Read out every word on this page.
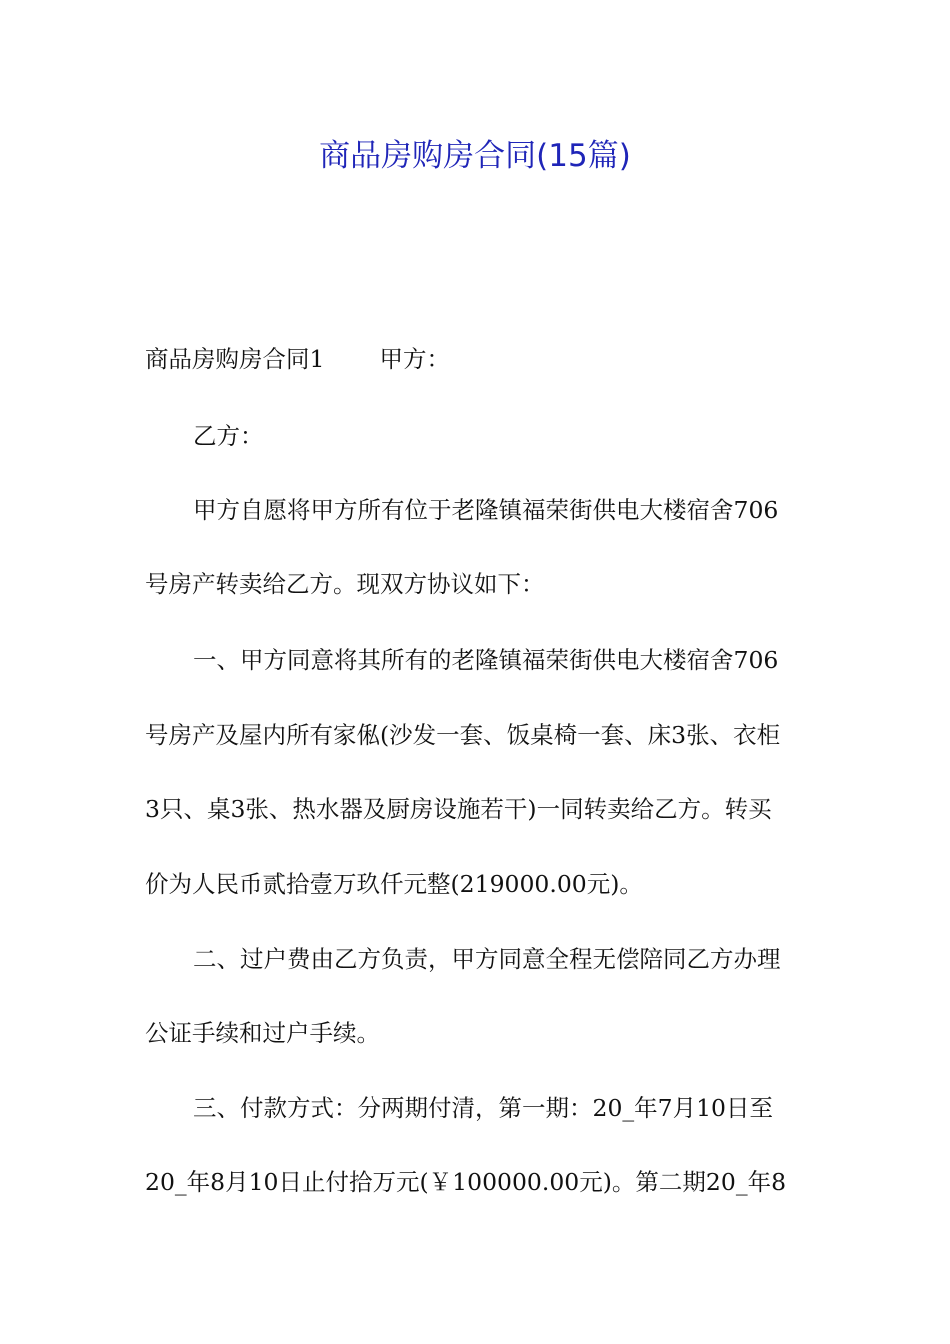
商品房购房合同(15篇)
商品房购房合同1 甲方：
乙方：
甲方自愿将甲方所有位于老隆镇福荣街供电大楼宿舍706
号房产转卖给乙方。现双方协议如下：
一、甲方同意将其所有的老隆镇福荣街供电大楼宿舍706
号房产及屋内所有家俬(沙发一套、饭桌椅一套、床3张、衣柜
3只、桌3张、热水器及厨房设施若干)一同转卖给乙方。转买
价为人民币贰拾壹万玖仟元整(219000.00元)。
二、过户费由乙方负责，甲方同意全程无偿陪同乙方办理
公证手续和过户手续。
三、付款方式：分两期付清，第一期：20_年7月10日至
20_年8月10日止付拾万元(￥100000.00元)。第二期20_年8
